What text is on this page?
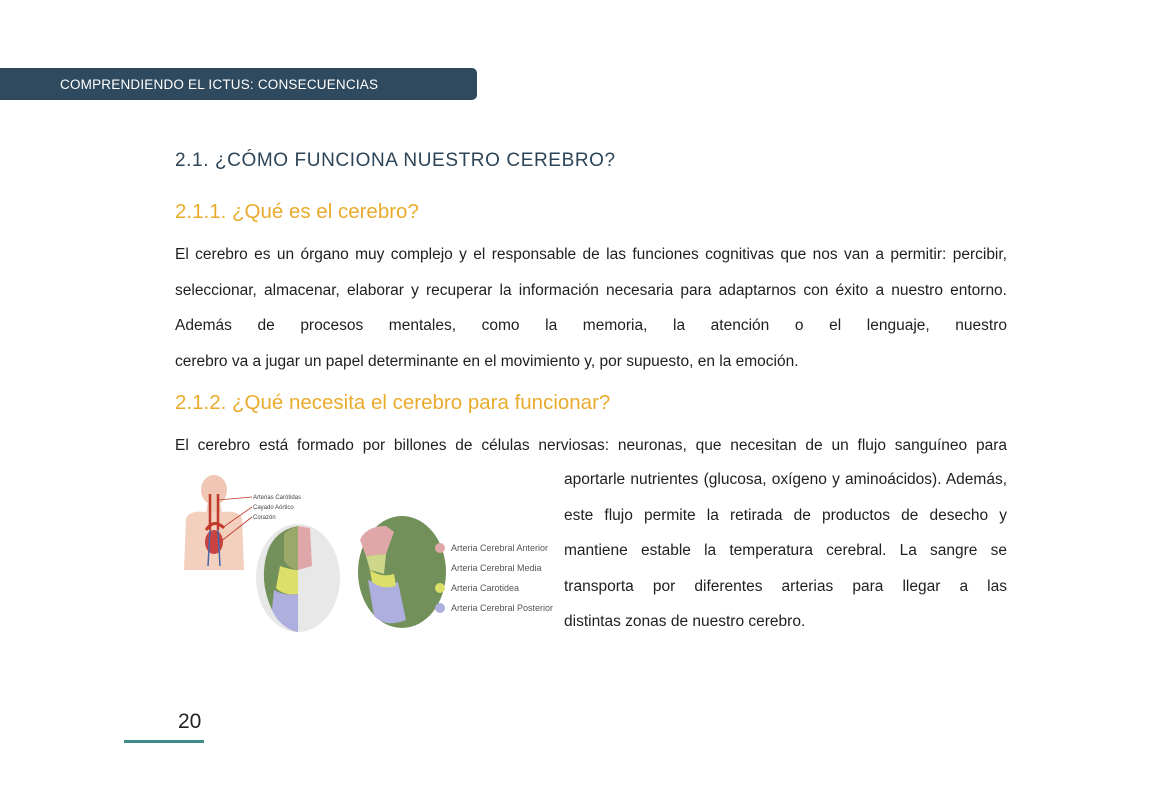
COMPRENDIENDO EL ICTUS: CONSECUENCIAS
2.1. ¿CÓMO FUNCIONA NUESTRO CEREBRO?
2.1.1. ¿Qué es el cerebro?

El cerebro es un órgano muy complejo y el responsable de las funciones cognitivas que nos van a permitir: percibir, seleccionar, almacenar, elaborar y recuperar la información necesaria para adaptarnos con éxito a nuestro entorno. Además de procesos mentales, como la memoria, la atención o el lenguaje, nuestro
cerebro va a jugar un papel determinante en el movimiento y, por supuesto, en la emoción.

2.1.2. ¿Qué necesita el cerebro para funcionar?

El cerebro está formado por billones de células nerviosas: neuronas, que necesitan de un flujo sanguíneo para

aportarle nutrientes (glucosa, oxígeno y aminoácidos). Además, este flujo permite la retirada de productos de desecho y mantiene estable la temperatura cerebral. La sangre se transporta por diferentes arterias para llegar a las
distintas zonas de nuestro cerebro.

Arterias Carótidas
Cayado Aórtico
Corazón
Arteria Cerebral Anterior
Arteria Cerebral Media
Arteria Carotidea
Arteria Cerebral Posterior

20
